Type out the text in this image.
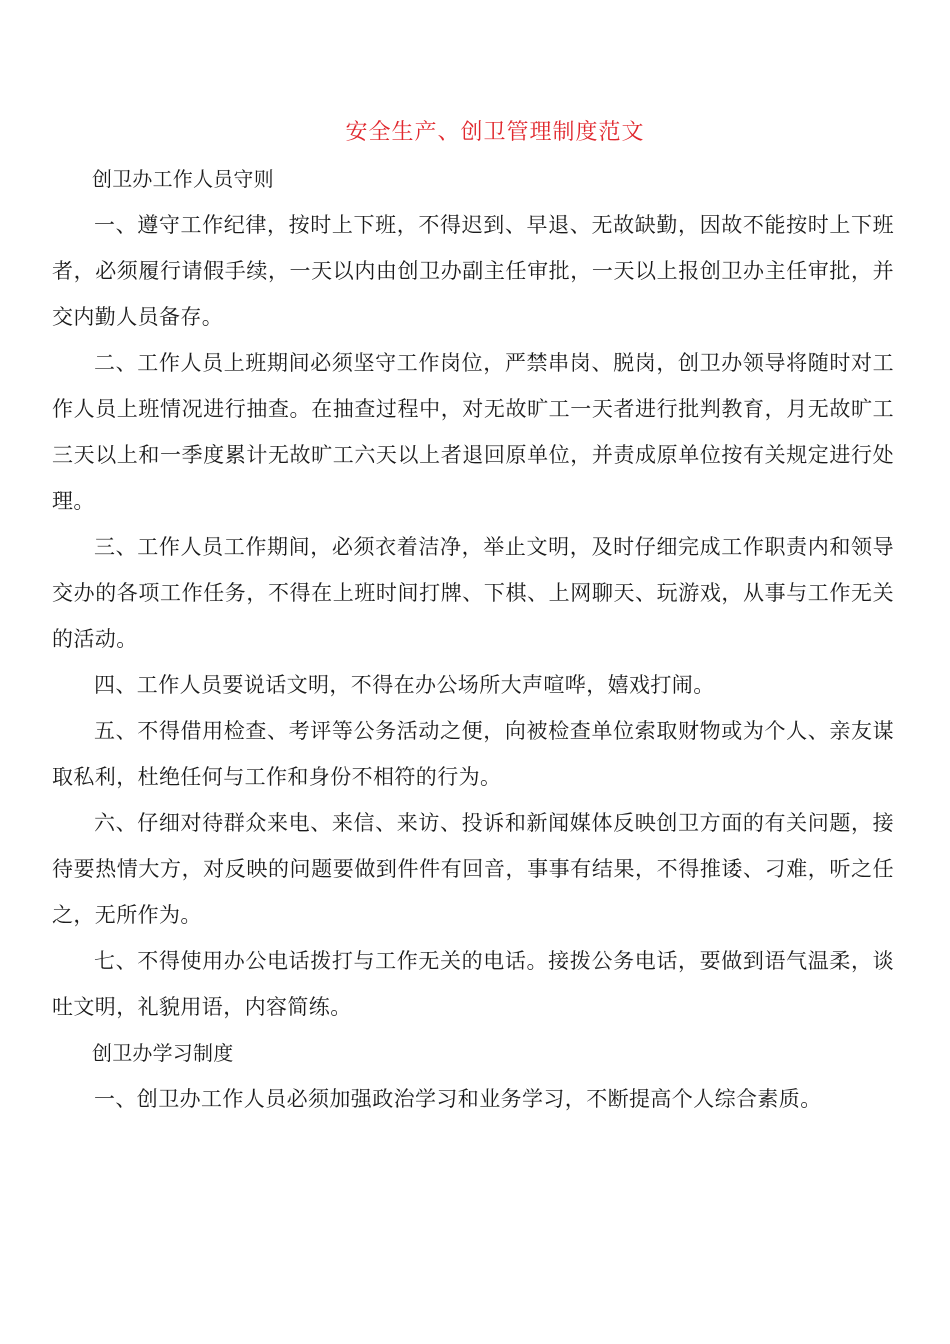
安全生产、创卫管理制度范文

创卫办工作人员守则

一、遵守工作纪律，按时上下班，不得迟到、早退、无故缺勤，因故不能按时上下班者，必须履行请假手续，一天以内由创卫办副主任审批，一天以上报创卫办主任审批，并交内勤人员备存。

二、工作人员上班期间必须坚守工作岗位，严禁串岗、脱岗，创卫办领导将随时对工作人员上班情况进行抽查。在抽查过程中，对无故旷工一天者进行批判教育，月无故旷工三天以上和一季度累计无故旷工六天以上者退回原单位，并责成原单位按有关规定进行处理。

三、工作人员工作期间，必须衣着洁净，举止文明，及时仔细完成工作职责内和领导交办的各项工作任务，不得在上班时间打牌、下棋、上网聊天、玩游戏，从事与工作无关的活动。

四、工作人员要说话文明，不得在办公场所大声喧哗，嬉戏打闹。

五、不得借用检查、考评等公务活动之便，向被检查单位索取财物或为个人、亲友谋取私利，杜绝任何与工作和身份不相符的行为。

六、仔细对待群众来电、来信、来访、投诉和新闻媒体反映创卫方面的有关问题，接待要热情大方，对反映的问题要做到件件有回音，事事有结果，不得推诿、刁难，听之任之，无所作为。

七、不得使用办公电话拨打与工作无关的电话。接拨公务电话，要做到语气温柔，谈吐文明，礼貌用语，内容简练。

创卫办学习制度

一、创卫办工作人员必须加强政治学习和业务学习，不断提高个人综合素质。
